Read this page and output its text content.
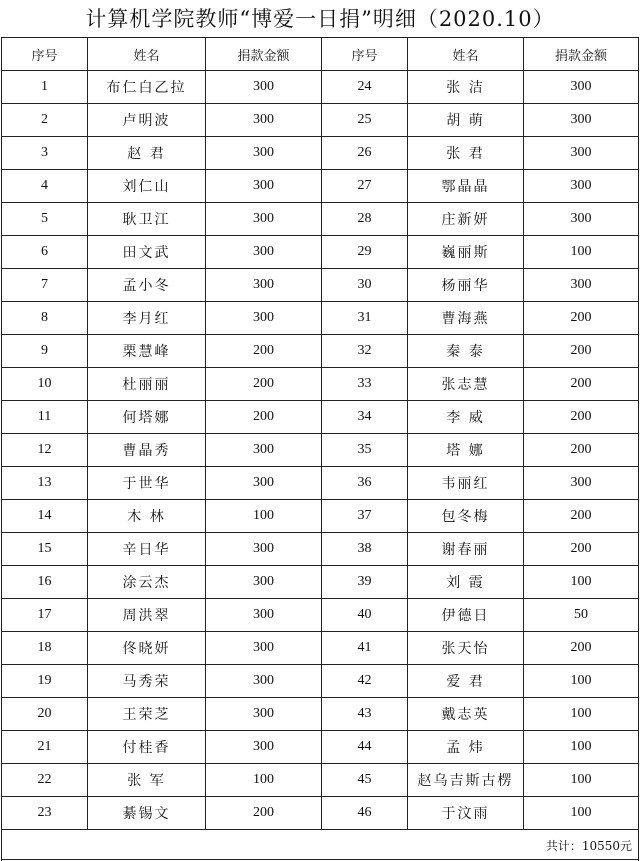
计算机学院教师“博爱一日捐”明细（2020.10）
序号	姓名	捐款金额	序号	姓名	捐款金额
1	布仁白乙拉	300	24	张 洁	300
2	卢明波	300	25	胡 萌	300
3	赵 君	300	26	张 君	300
4	刘仁山	300	27	鄂晶晶	300
5	耿卫江	300	28	庄新妍	300
6	田文武	300	29	巍丽斯	100
7	孟小冬	300	30	杨丽华	300
8	李月红	300	31	曹海燕	200
9	栗慧峰	200	32	秦 泰	200
10	杜丽丽	200	33	张志慧	200
11	何塔娜	200	34	李 威	200
12	曹晶秀	300	35	塔 娜	200
13	于世华	300	36	韦丽红	300
14	木 林	100	37	包冬梅	200
15	辛日华	300	38	谢春丽	200
16	涂云杰	300	39	刘 霞	100
17	周洪翠	300	40	伊德日	50
18	佟晓妍	300	41	张天怡	200
19	马秀荣	300	42	爱 君	100
20	王荣芝	300	43	戴志英	100
21	付桂香	300	44	孟 炜	100
22	张 军	100	45	赵乌吉斯古楞	100
23	綦锡文	200	46	于汶雨	100
共计：10550元					
